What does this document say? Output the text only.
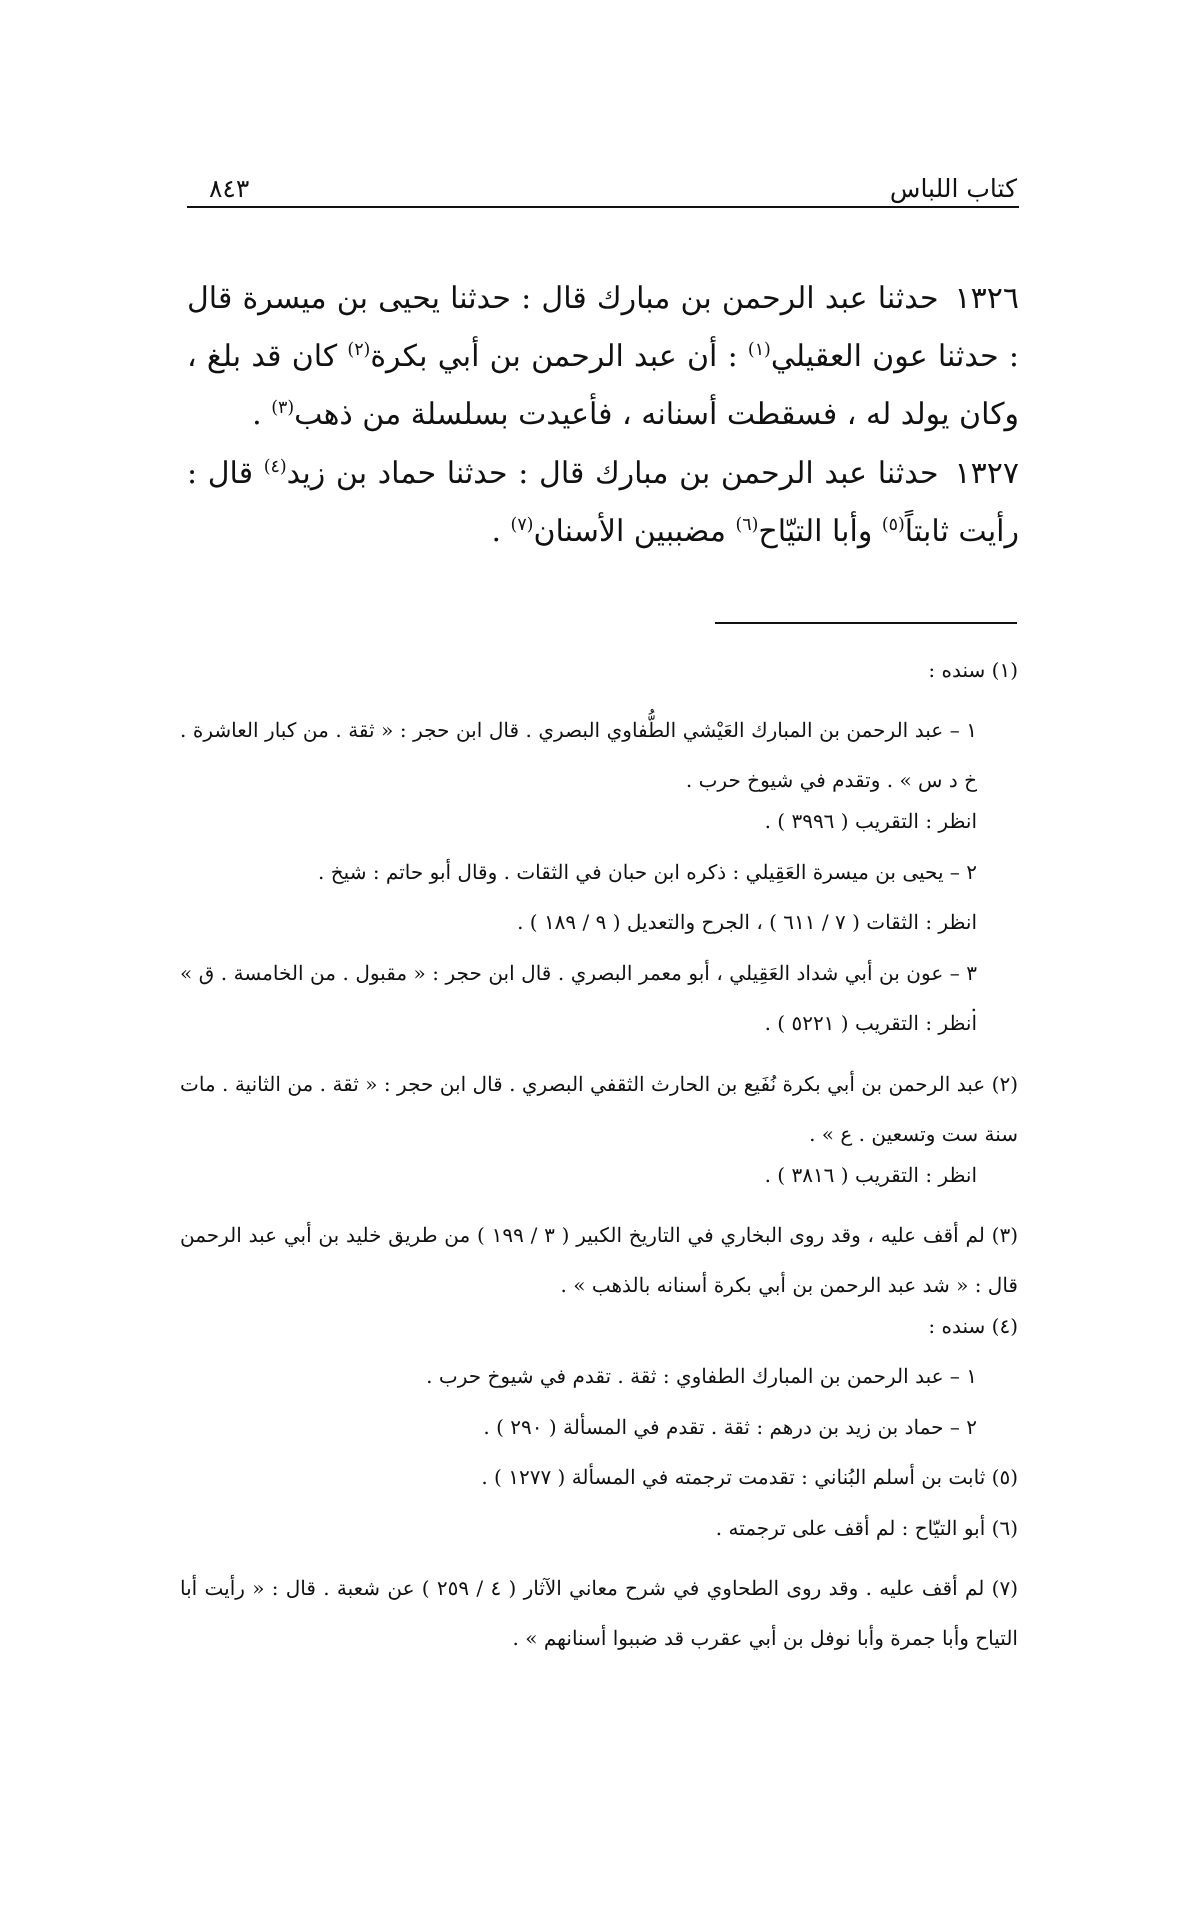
كتاب اللباس
٨٤٣
١٣٢٦حدثنا عبد الرحمن بن مبارك قال : حدثنا يحيى بن ميسرة قال : حدثنا عون العقيلي$^{(١)}$ : أن عبد الرحمن بن أبي بكرة$^{(٢)}$ كان قد بلغ ، وكان يولد له ، فسقطت أسنانه ، فأعيدت بسلسلة من ذهب$^{(٣)}$ .
١٣٢٧حدثنا عبد الرحمن بن مبارك قال : حدثنا حماد بن زيد$^{(٤)}$ قال : رأيت ثابتاً$^{(٥)}$ وأبا التيّاح$^{(٦)}$ مضببين الأسنان$^{(٧)}$ .
(١) سنده :
١ – عبد الرحمن بن المبارك العَيْشي الطُّفاوي البصري . قال ابن حجر : « ثقة . من كبار العاشرة . خ د س » . وتقدم في شيوخ حرب .
انظر : التقريب ( ٣٩٩٦ ) .
٢ – يحيى بن ميسرة العَقِيلي : ذكره ابن حبان في الثقات . وقال أبو حاتم : شيخ .
انظر : الثقات ( ٧ / ٦١١ ) ، الجرح والتعديل ( ٩ / ١٨٩ ) .
٣ – عون بن أبي شداد العَقِيلي ، أبو معمر البصري . قال ابن حجر : « مقبول . من الخامسة . ق » .
انظر : التقريب ( ٥٢٢١ ) .
(٢) عبد الرحمن بن أبي بكرة نُفَيع بن الحارث الثقفي البصري . قال ابن حجر : « ثقة . من الثانية . مات سنة ست وتسعين . ع » .
انظر : التقريب ( ٣٨١٦ ) .
(٣) لم أقف عليه ، وقد روى البخاري في التاريخ الكبير ( ٣ / ١٩٩ ) من طريق خليد بن أبي عبد الرحمن قال : « شد عبد الرحمن بن أبي بكرة أسنانه بالذهب » .
(٤) سنده :
١ – عبد الرحمن بن المبارك الطفاوي : ثقة . تقدم في شيوخ حرب .
٢ – حماد بن زيد بن درهم : ثقة . تقدم في المسألة ( ٢٩٠ ) .
(٥) ثابت بن أسلم البُناني : تقدمت ترجمته في المسألة ( ١٢٧٧ ) .
(٦) أبو التيّاح : لم أقف على ترجمته .
(٧) لم أقف عليه . وقد روى الطحاوي في شرح معاني الآثار ( ٤ / ٢٥٩ ) عن شعبة . قال : « رأيت أبا التياح وأبا جمرة وأبا نوفل بن أبي عقرب قد ضببوا أسنانهم » .
